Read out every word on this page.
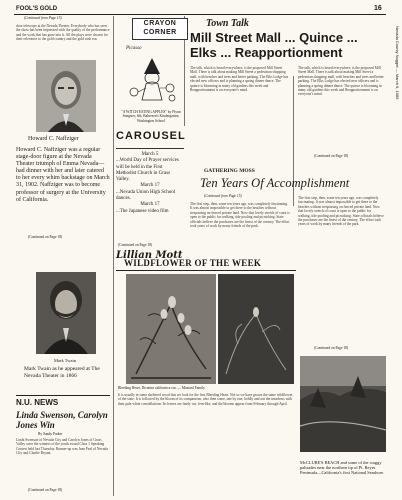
FOOL'S GOLD	16
Nevada County Nugget — March 6, 1985
(Continued from Page 15)
door telescope at the Nevada Theater. Everybody who has seen the show has been impressed with the quality of the performance and the work that has gone into it. All the plays were chosen for their relevance to the gold country and the gold rush era.
Howard C. Naffziger
Howard C. Naffziger was a regular stage-door figure at the Nevada Theater triumph of Emma Nevada—had dinner with her and later catered to her every whim backstage on March 31, 1902. Naffziger was to become professor of surgery at the University of California.
(Continued on Page 18)
Mark Twain
Mark Twain as he appeared at The Nevada Theater in 1866
N.U. NEWS
Linda Swenson, Carolyn Jones Win
By Sandy Parker
Linda Swenson of Nevada City and Carolyn Jones of Grass Valley were the winners of the youth award Class 1 Speaking Contest held last Thursday. Runner-up was Jean Peal of Nevada City and Charlie Bryant.
(Continued on Page 18)
CRAYON CORNER
Picasso
"A WITCH EATING APPLES" by Flynn Songster, 6th, Bakersen's Kindergarten, Washington School
CAROUSEL
March 5
...World Day of Prayer services will be held in the First Methodist Church in Grass Valley.
March 17
...Nevada Union High School dances.
March 17
...The Japanese video film
(Continued on Page 18)
Town Talk
Mill Street Mall ... Quince ... Elks ... Reapportionment
The talk, which is heard everywhere, is the proposed Mill Street Mall. There is talk about making Mill Street a pedestrian shopping mall, with benches and trees and better parking. The Elks Lodge has elected new officers and is planning a spring dinner dance. The quince is blooming in many old gardens this week and Reapportionment is on everyone's mind.
The talk, which is heard everywhere, is the proposed Mill Street Mall. There is talk about making Mill Street a pedestrian shopping mall, with benches and trees and better parking. The Elks Lodge has elected new officers and is planning a spring dinner dance. The quince is blooming in many old gardens this week and Reapportionment is on everyone's mind.
(Continued on Page 18)
GATHERING MOSS
Ten Years Of Accomplishment
(Continued from Page 15)
The first step, then, some ten years ago, was completely fascinating. It was almost impossible to get there to the beaches without trespassing on fenced private land. Now that lovely stretch of coast is open to the public for walking, tide pooling and picnicking. State officials believe the purchases are the finest of the century. The effort took years of work by many friends of the park.
The first step, then, some ten years ago, was completely fascinating. It was almost impossible to get there to the beaches without trespassing on fenced private land. Now that lovely stretch of coast is open to the public for walking, tide pooling and picnicking. State officials believe the purchases are the finest of the century. The effort took years of work by many friends of the park.
(Continued on Page 18)
Lillian Mott
WILDFLOWER OF THE WEEK
Bleeding Heart, Dicentra californica var. — Mustard Family
It is usually in some sheltered wood that we look for the first Bleeding Heart. Not so we have grown the same wildflower of the state. It is followed by the bloom of its companions, who then come, one by one, boldly and out the meadows with their pale white constellations. Its leaves are finely cut, fern-like, and the blooms appear from February through April.
McCLURE'S BEACH and some of the craggy palisades near the northern tip of Pt. Reyes Peninsula—California's first National Seashore.
